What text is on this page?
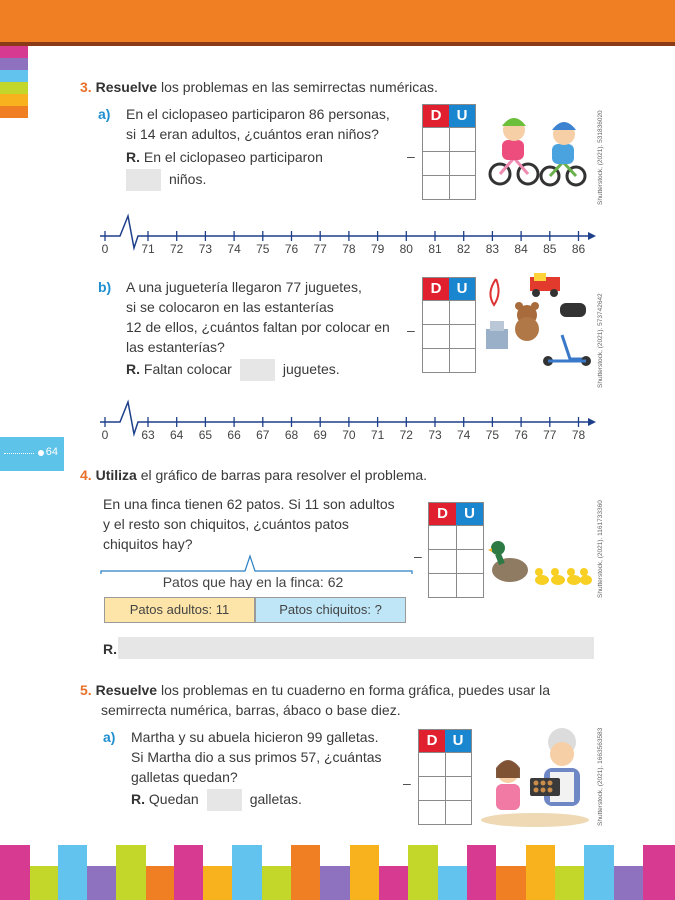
64
3. Resuelve los problemas en las semirrectas numéricas.
a) En el ciclopaseo participaron 86 personas,
si 14 eran adultos, ¿cuántos eran niños?
R. En el ciclopaseo participaron
niños.
–
D	U	Shutterstock, (2021). 531836020
0	71	72	73	74	75	76	77	78	79	80	81	82	83	84	85	86
b) A una juguetería llegaron 77 juguetes,
si se colocaron en las estanterías
12 de ellos, ¿cuántos faltan por colocar en
las estanterías?
R. Faltan colocar	juguetes.
–
D	U
Shutterstock, (2021). 573742642
0	63	64	65	66	67	68	69	70	71	72	73	74	75	76	77	78
4. Utiliza el gráfico de barras para resolver el problema.
En una finca tienen 62 patos. Si 11 son adultos
y el resto son chiquitos, ¿cuántos patos
chiquitos hay?
Patos que hay en la finca: 62
Patos adultos: 11	Patos chiquitos: ?
–
D	U	Shutterstock, (2021). 1161733360
R.
5. Resuelve los problemas en tu cuaderno en forma gráfica, puedes usar la
semirrecta numérica, barras, ábaco o base diez.
a) Martha y su abuela hicieron 99 galletas.
Si Martha dio a sus primos 57, ¿cuántas
galletas quedan?
R. Quedan	galletas.
–
D	U	Shutterstock, (2021). 1663563583
